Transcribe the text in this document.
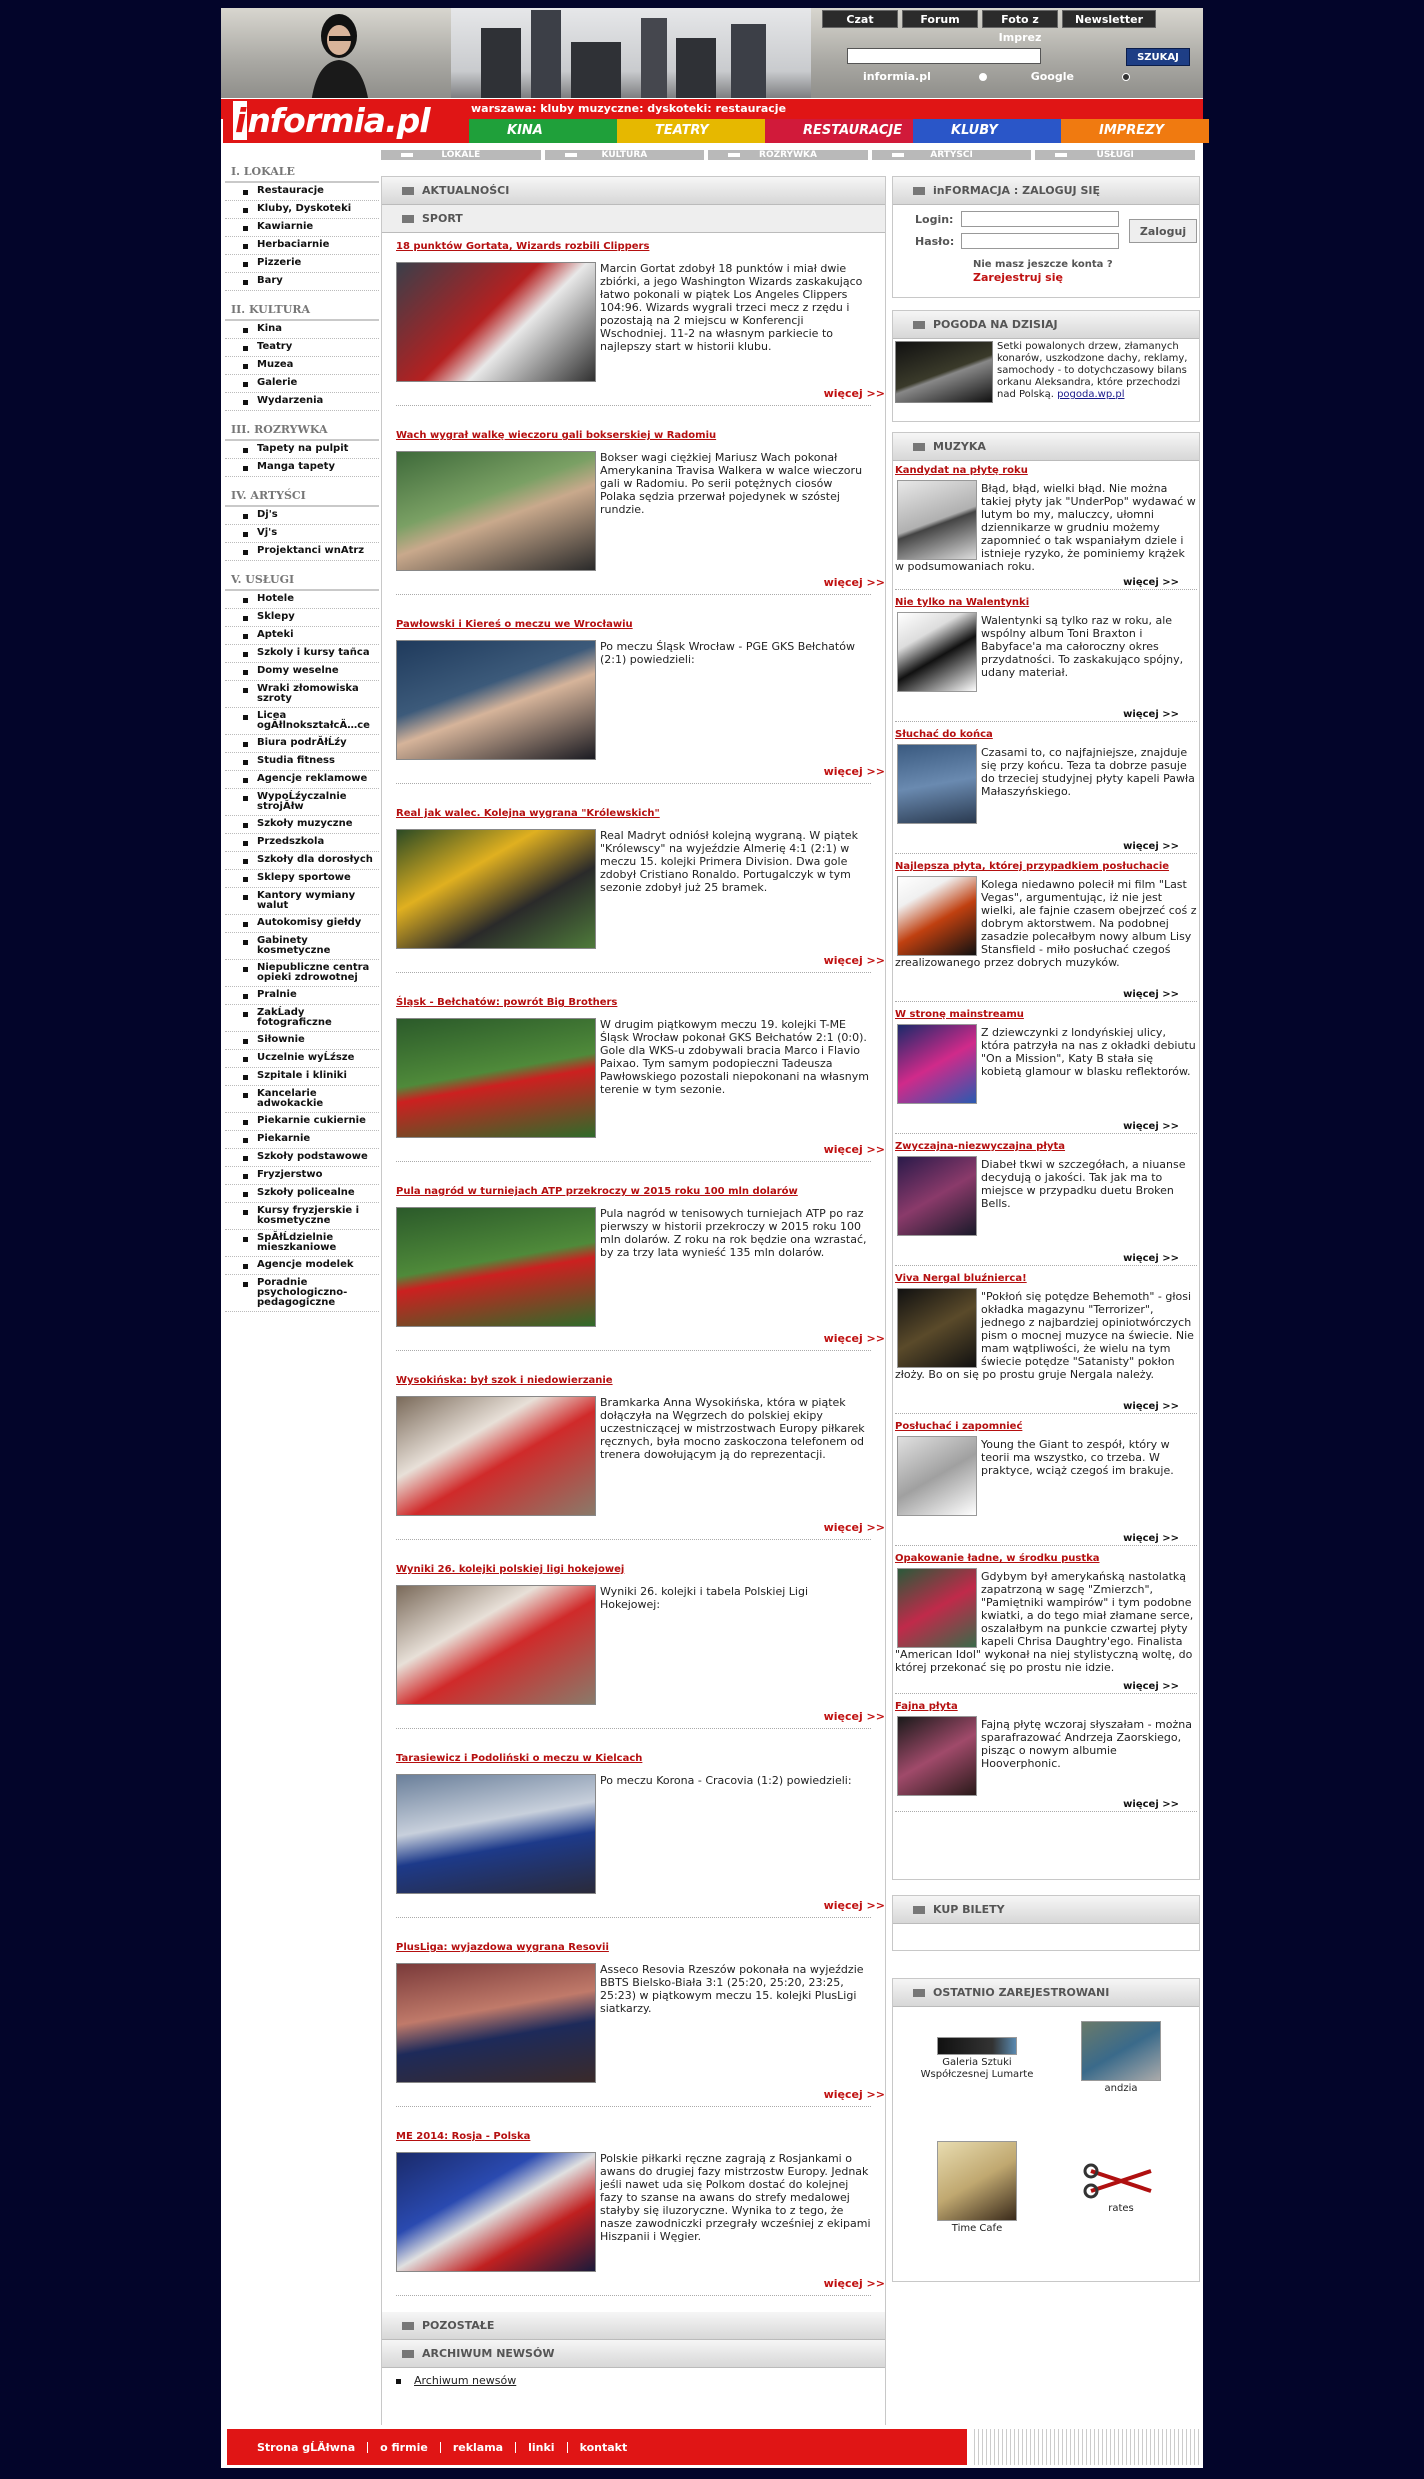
Czat	Forum	Foto z Imprez
Newsletter
SZUKAJ
informia.pl	Google
informia.pl	warszawa: kluby muzyczne: dyskoteki: restauracje
KINA	TEATRY	RESTAURACJE	KLUBY	IMPREZY
LOKALE	KULTURA	ROZRYWKA	ARTYŚCI	USŁUGI
I. LOKALE
Restauracje
Kluby, Dyskoteki
Kawiarnie
Herbaciarnie
Pizzerie
Bary
II. KULTURA
Kina
Teatry
Muzea
Galerie
Wydarzenia
III. ROZRYWKA
Tapety na pulpit
Manga tapety
IV. ARTYŚCI
Dj's
Vj's
Projektanci wnAtrz
V. USŁUGI
Hotele
Sklepy
Apteki
Szkoly i kursy tañca
Domy weselne
Wraki złomowiska szroty
Licea ogĂłlnokształcÄ…ce
Biura podrĂłĹźy
Studia fitness
Agencje reklamowe
WypoĹźyczalnie strojĂłw
Szkoły muzyczne
Przedszkola
Szkoły dla dorosłych
Sklepy sportowe
Kantory wymiany walut
Autokomisy giełdy
Gabinety kosmetyczne
Niepubliczne centra opieki zdrowotnej
Pralnie
ZakĹady fotograficzne
Siłownie
Uczelnie wyĹźsze
Szpitale i kliniki
Kancelarie adwokackie
Piekarnie cukiernie
Piekarnie
Szkoły podstawowe
Fryzjerstwo
Szkoły policealne
Kursy fryzjerskie i kosmetyczne
SpĂłĹdzielnie mieszkaniowe
Agencje modelek
Poradnie psychologiczno-pedagogiczne
AKTUALNOŚCI
SPORT
18 punktów Gortata, Wizards rozbili Clippers
Marcin Gortat zdobył 18 punktów i miał dwie zbiórki, a jego Washington Wizards zaskakująco łatwo pokonali w piątek Los Angeles Clippers 104:96. Wizards wygrali trzeci mecz z rzędu i pozostają na 2 miejscu w Konferencji Wschodniej. 11-2 na własnym parkiecie to najlepszy start w historii klubu.
więcej >>
Wach wygrał walkę wieczoru gali bokserskiej w Radomiu
Bokser wagi ciężkiej Mariusz Wach pokonał Amerykanina Travisa Walkera w walce wieczoru gali w Radomiu. Po serii potężnych ciosów Polaka sędzia przerwał pojedynek w szóstej rundzie.
więcej >>
Pawłowski i Kiereś o meczu we Wrocławiu
Po meczu Śląsk Wrocław - PGE GKS Bełchatów (2:1) powiedzieli:
więcej >>
Real jak walec. Kolejna wygrana "Królewskich"
Real Madryt odniósł kolejną wygraną. W piątek "Królewscy" na wyjeździe Almerię 4:1 (2:1) w meczu 15. kolejki Primera Division. Dwa gole zdobył Cristiano Ronaldo. Portugalczyk w tym sezonie zdobył już 25 bramek.
więcej >>
Śląsk - Bełchatów: powrót Big Brothers
W drugim piątkowym meczu 19. kolejki T-ME Śląsk Wrocław pokonał GKS Bełchatów 2:1 (0:0). Gole dla WKS-u zdobywali bracia Marco i Flavio Paixao. Tym samym podopieczni Tadeusza Pawłowskiego pozostali niepokonani na własnym terenie w tym sezonie.
więcej >>
Pula nagród w turniejach ATP przekroczy w 2015 roku 100 mln dolarów
Pula nagród w tenisowych turniejach ATP po raz pierwszy w historii przekroczy w 2015 roku 100 mln dolarów. Z roku na rok będzie ona wzrastać, by za trzy lata wynieść 135 mln dolarów.
więcej >>
Wysokińska: był szok i niedowierzanie
Bramkarka Anna Wysokińska, która w piątek dołączyła na Węgrzech do polskiej ekipy uczestniczącej w mistrzostwach Europy piłkarek ręcznych, była mocno zaskoczona telefonem od trenera dowołującym ją do reprezentacji.
więcej >>
Wyniki 26. kolejki polskiej ligi hokejowej
Wyniki 26. kolejki i tabela Polskiej Ligi Hokejowej:
więcej >>
Tarasiewicz i Podoliński o meczu w Kielcach
Po meczu Korona - Cracovia (1:2) powiedzieli:
więcej >>
PlusLiga: wyjazdowa wygrana Resovii
Asseco Resovia Rzeszów pokonała na wyjeździe BBTS Bielsko-Biała 3:1 (25:20, 25:20, 23:25, 25:23) w piątkowym meczu 15. kolejki PlusLigi siatkarzy.
więcej >>
ME 2014: Rosja - Polska
Polskie piłkarki ręczne zagrają z Rosjankami o awans do drugiej fazy mistrzostw Europy. Jednak jeśli nawet uda się Polkom dostać do kolejnej fazy to szanse na awans do strefy medalowej stałyby się iluzoryczne. Wynika to z tego, że nasze zawodniczki przegrały wcześniej z ekipami Hiszpanii i Węgier.
więcej >>
POZOSTAŁE
ARCHIWUM NEWSÓW
Archiwum newsów
inFORMACJA : ZALOGUJ SIĘ
Login:
Hasło:
Zaloguj
Nie masz jeszcze konta ?
Zarejestruj się
POGODA NA DZISIAJ
Setki powalonych drzew, złamanych konarów, uszkodzone dachy, reklamy, samochody - to dotychczasowy bilans orkanu Aleksandra, które przechodzi nad Polską. pogoda.wp.pl
MUZYKA
Kandydat na płytę roku
Błąd, błąd, wielki błąd. Nie można takiej płyty jak "UnderPop" wydawać w lutym bo my, maluczcy, ułomni dziennikarze w grudniu możemy zapomnieć o tak wspaniałym dziele i istnieje ryzyko, że pominiemy krążek w podsumowaniach roku.
więcej >>
Nie tylko na Walentynki
Walentynki są tylko raz w roku, ale wspólny album Toni Braxton i Babyface'a ma całoroczny okres przydatności. To zaskakująco spójny, udany materiał.
więcej >>
Słuchać do końca
Czasami to, co najfajniejsze, znajduje się przy końcu. Teza ta dobrze pasuje do trzeciej studyjnej płyty kapeli Pawła Małaszyńskiego.
więcej >>
Najlepsza płyta, której przypadkiem posłuchacie
Kolega niedawno polecił mi film "Last Vegas", argumentując, iż nie jest wielki, ale fajnie czasem obejrzeć coś z dobrym aktorstwem. Na podobnej zasadzie polecałbym nowy album Lisy Stansfield - miło posłuchać czegoś zrealizowanego przez dobrych muzyków.
więcej >>
W stronę mainstreamu
Z dziewczynki z londyńskiej ulicy, która patrzyła na nas z okładki debiutu "On a Mission", Katy B stała się kobietą glamour w blasku reflektorów.
więcej >>
Zwyczajna-niezwyczajna płyta
Diabeł tkwi w szczegółach, a niuanse decydują o jakości. Tak jak ma to miejsce w przypadku duetu Broken Bells.
więcej >>
Viva Nergal bluźnierca!
"Pokłoń się potędze Behemoth" - głosi okładka magazynu "Terrorizer", jednego z najbardziej opiniotwórczych pism o mocnej muzyce na świecie. Nie mam wątpliwości, że wielu na tym świecie potędze "Satanisty" pokłon złoży. Bo on się po prostu gruje Nergala należy.
więcej >>
Posłuchać i zapomnieć
Young the Giant to zespół, który w teorii ma wszystko, co trzeba. W praktyce, wciąż czegoś im brakuje.
więcej >>
Opakowanie ładne, w środku pustka
Gdybym był amerykańską nastolatką zapatrzoną w sagę "Zmierzch", "Pamiętniki wampirów" i tym podobne kwiatki, a do tego miał złamane serce, oszalałbym na punkcie czwartej płyty kapeli Chrisa Daughtry'ego. Finalista "American Idol" wykonał na niej stylistyczną woltę, do której przekonać się po prostu nie idzie.
więcej >>
Fajna płyta
Fajną płytę wczoraj słyszałam - można sparafrazować Andrzeja Zaorskiego, pisząc o nowym albumie Hooverphonic.
więcej >>
KUP BILETY
OSTATNIO ZAREJESTROWANI
Galeria Sztuki Współczesnej Lumarte
andzia
Time Cafe
rates
Strona gĹĂłwna	o firmie	reklama	linki	kontakt
